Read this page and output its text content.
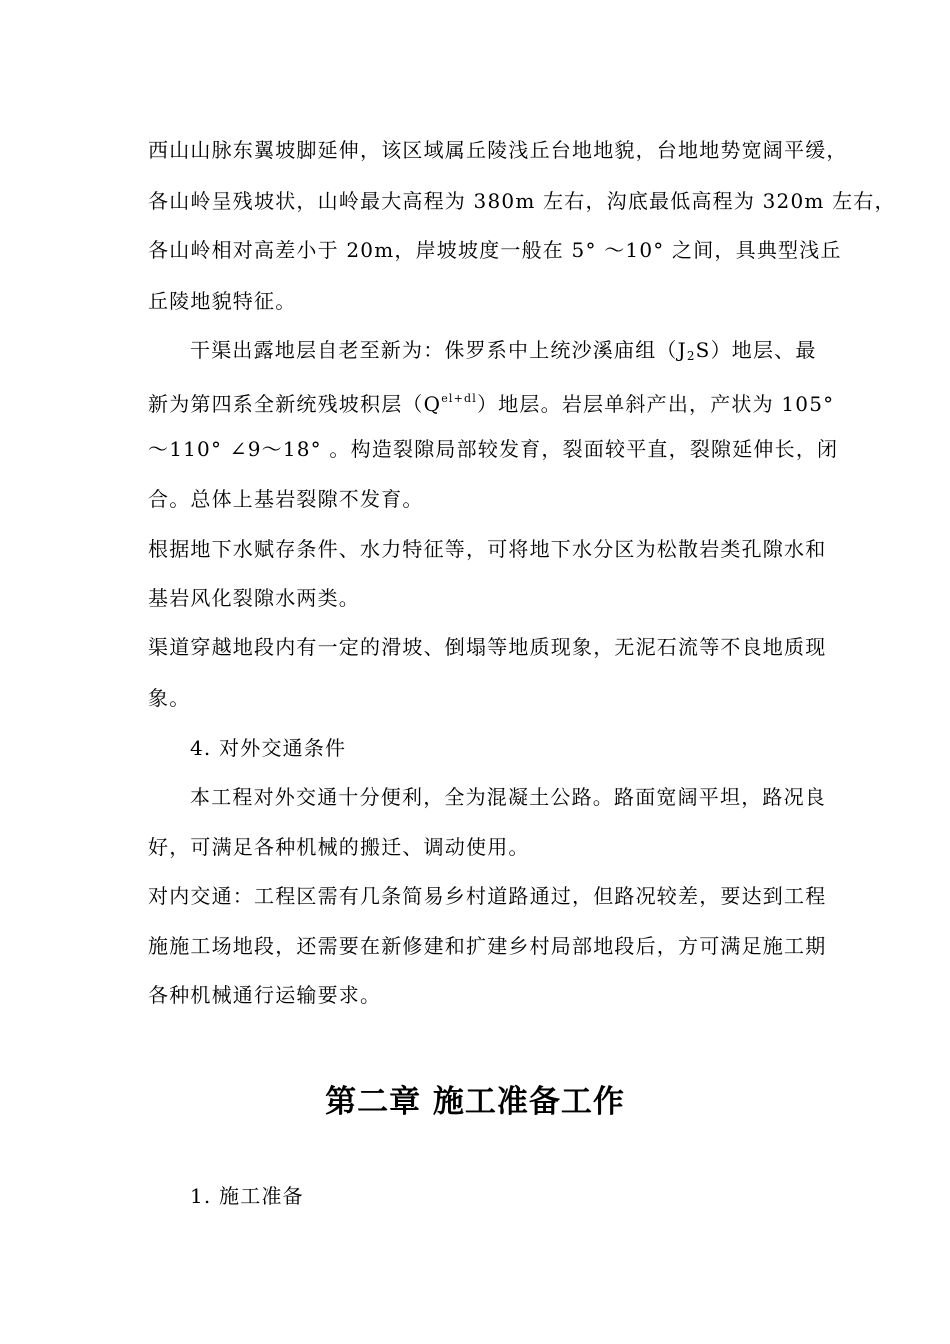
西山山脉东翼坡脚延伸，该区域属丘陵浅丘台地地貌，台地地势宽阔平缓，
各山岭呈残坡状，山岭最大高程为 380m 左右，沟底最低高程为 320m 左右，
各山岭相对高差小于 20m，岸坡坡度一般在 5° ～10° 之间，具典型浅丘
丘陵地貌特征。
干渠出露地层自老至新为：侏罗系中上统沙溪庙组$(J_2S)$地层、最
新为第四系全新统残坡积层$(Q^{el+dl})$地层。岩层单斜产出，产状为 105°
～110° ∠9～18° 。构造裂隙局部较发育，裂面较平直，裂隙延伸长，闭
合。总体上基岩裂隙不发育。
根据地下水赋存条件、水力特征等，可将地下水分区为松散岩类孔隙水和
基岩风化裂隙水两类。
渠道穿越地段内有一定的滑坡、倒塌等地质现象，无泥石流等不良地质现
象。
4. 对外交通条件
本工程对外交通十分便利，全为混凝土公路。路面宽阔平坦，路况良
好，可满足各种机械的搬迁、调动使用。
对内交通：工程区需有几条简易乡村道路通过，但路况较差，要达到工程
施施工场地段，还需要在新修建和扩建乡村局部地段后，方可满足施工期
各种机械通行运输要求。
第二章 施工准备工作
1. 施工准备
